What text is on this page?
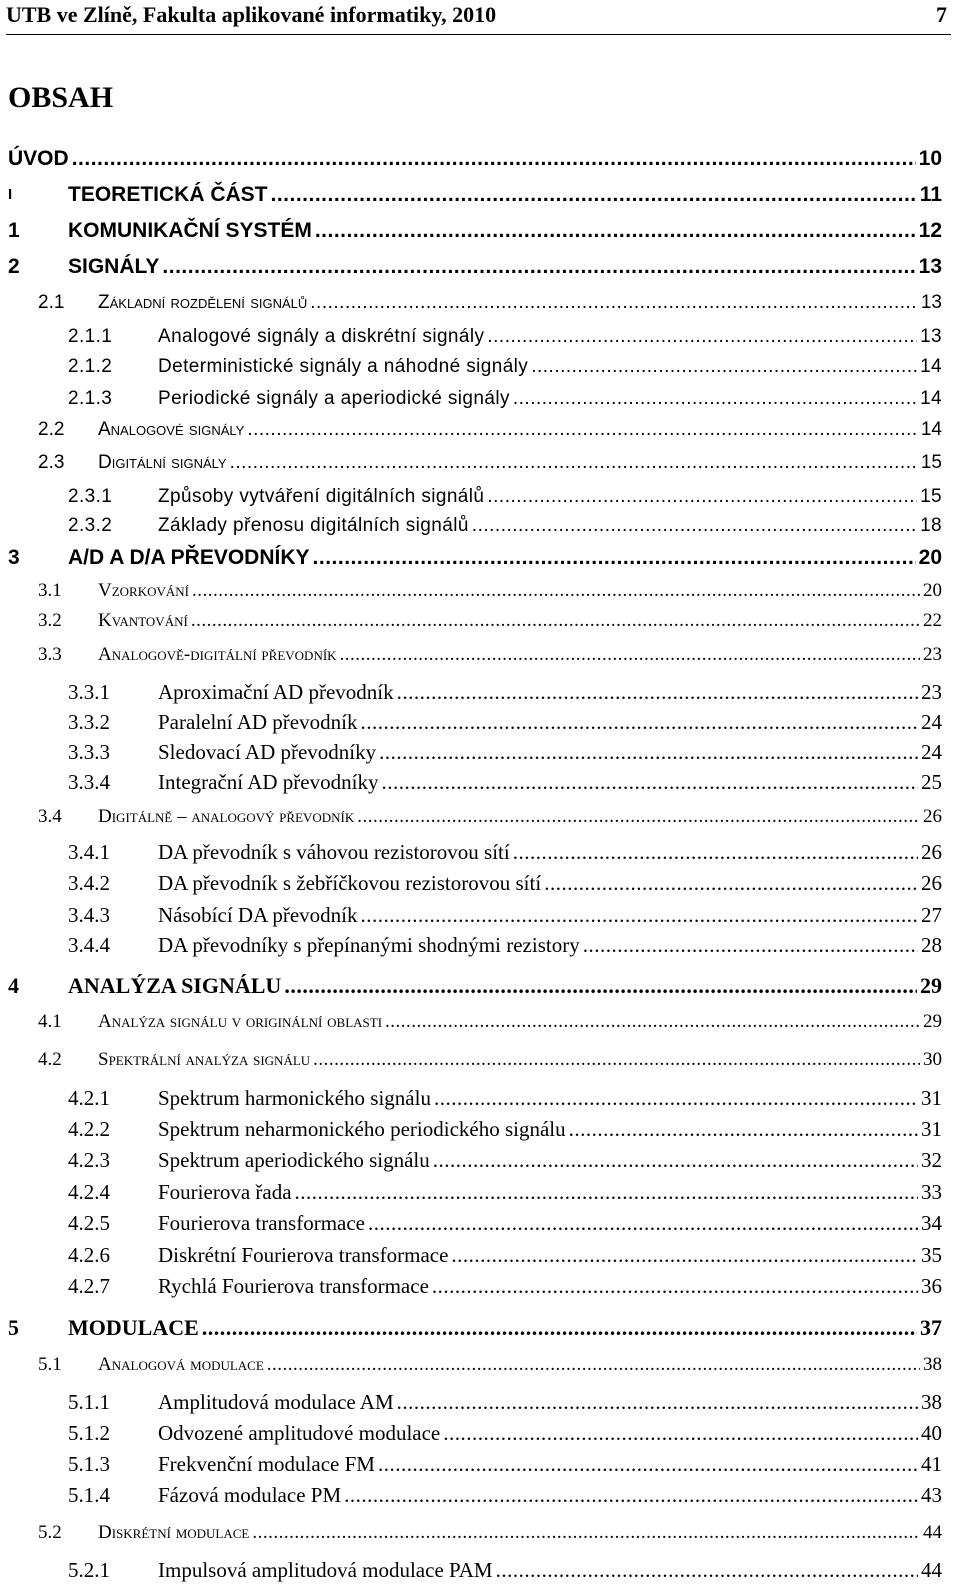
UTB ve Zlíně, Fakulta aplikované informatiky, 2010	7
OBSAH
ÚVOD .....	10
I	TEORETICKÁ ČÁST .....	11
1 KOMUNIKAČNÍ SYSTÉM .....	12
2 SIGNÁLY .....	13
2.1 Základní rozdělení signálů .....	13
2.1.1 Analogové signály a diskrétní signály .....	13
2.1.2 Deterministické signály a náhodné signály .....	14
2.1.3 Periodické signály a aperiodické signály .....	14
2.2 Analogové signály .....	14
2.3 Digitální signály .....	15
2.3.1 Způsoby vytváření digitálních signálů .....	15
2.3.2 Základy přenosu digitálních signálů .....	18
3 A/D A D/A PŘEVODNÍKY .....	20
3.1 Vzorkování .....	20
3.2 Kvantování .....	22
3.3 Analogově-digitální převodník .....	23
3.3.1 Aproximační AD převodník .....	23
3.3.2 Paralelní AD převodník .....	24
3.3.3 Sledovací AD převodníky .....	24
3.3.4 Integrační AD převodníky .....	25
3.4 Digitálně – analogový převodník .....	26
3.4.1 DA převodník s váhovou rezistorovou sítí .....	26
3.4.2 DA převodník s žebříčkovou rezistorovou sítí .....	26
3.4.3 Násobící DA převodník .....	27
3.4.4 DA převodníky s přepínanými shodnými rezistory .....	28
4 ANALÝZA SIGNÁLU .....	29
4.1 Analýza signálu v originální oblasti .....	29
4.2 Spektrální analýza signálu .....	30
4.2.1 Spektrum harmonického signálu .....	31
4.2.2 Spektrum neharmonického periodického signálu .....	31
4.2.3 Spektrum aperiodického signálu .....	32
4.2.4 Fourierova řada .....	33
4.2.5 Fourierova transformace .....	34
4.2.6 Diskrétní Fourierova transformace .....	35
4.2.7 Rychlá Fourierova transformace .....	36
5 MODULACE .....	37
5.1 Analogová modulace .....	38
5.1.1 Amplitudová modulace AM .....	38
5.1.2 Odvozené amplitudové modulace .....	40
5.1.3 Frekvenční modulace FM .....	41
5.1.4 Fázová modulace PM .....	43
5.2 Diskrétní modulace .....	44
5.2.1 Impulsová amplitudová modulace PAM .....	44
